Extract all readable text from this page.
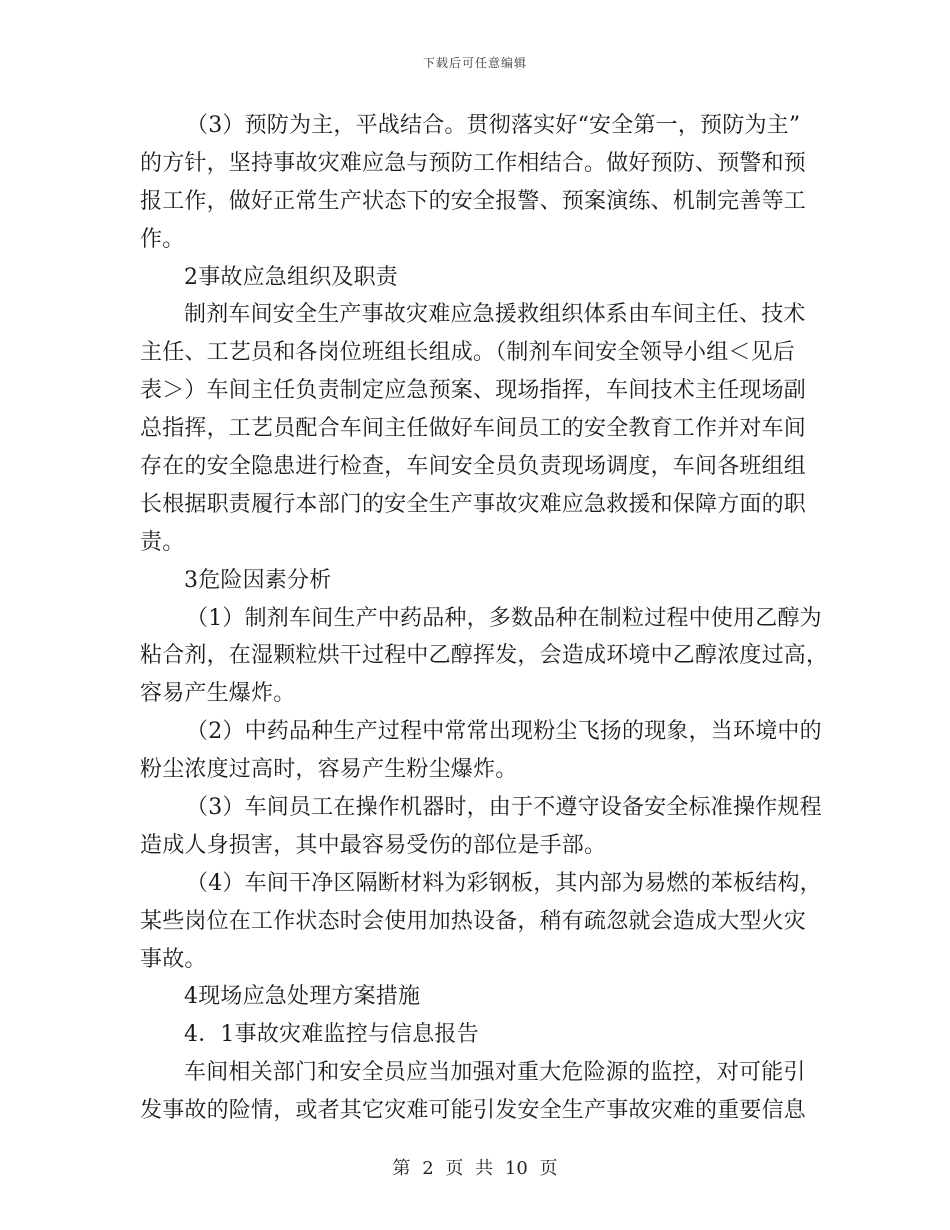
下载后可任意编辑
（3）预防为主，平战结合。贯彻落实好“安全第一，预防为主”
的方针，坚持事故灾难应急与预防工作相结合。做好预防、预警和预
报工作，做好正常生产状态下的安全报警、预案演练、机制完善等工
作。
2事故应急组织及职责
制剂车间安全生产事故灾难应急援救组织体系由车间主任、技术
主任、工艺员和各岗位班组长组成。（制剂车间安全领导小组＜见后
表＞）车间主任负责制定应急预案、现场指挥，车间技术主任现场副
总指挥，工艺员配合车间主任做好车间员工的安全教育工作并对车间
存在的安全隐患进行检查，车间安全员负责现场调度，车间各班组组
长根据职责履行本部门的安全生产事故灾难应急救援和保障方面的职
责。
3危险因素分析
（1）制剂车间生产中药品种，多数品种在制粒过程中使用乙醇为
粘合剂，在湿颗粒烘干过程中乙醇挥发，会造成环境中乙醇浓度过高，
容易产生爆炸。
（2）中药品种生产过程中常常出现粉尘飞扬的现象，当环境中的
粉尘浓度过高时，容易产生粉尘爆炸。
（3）车间员工在操作机器时，由于不遵守设备安全标准操作规程
造成人身损害，其中最容易受伤的部位是手部。
（4）车间干净区隔断材料为彩钢板，其内部为易燃的苯板结构，
某些岗位在工作状态时会使用加热设备，稍有疏忽就会造成大型火灾
事故。
4现场应急处理方案措施
4．1事故灾难监控与信息报告
车间相关部门和安全员应当加强对重大危险源的监控，对可能引
发事故的险情，或者其它灾难可能引发安全生产事故灾难的重要信息
第 2 页 共 10 页
